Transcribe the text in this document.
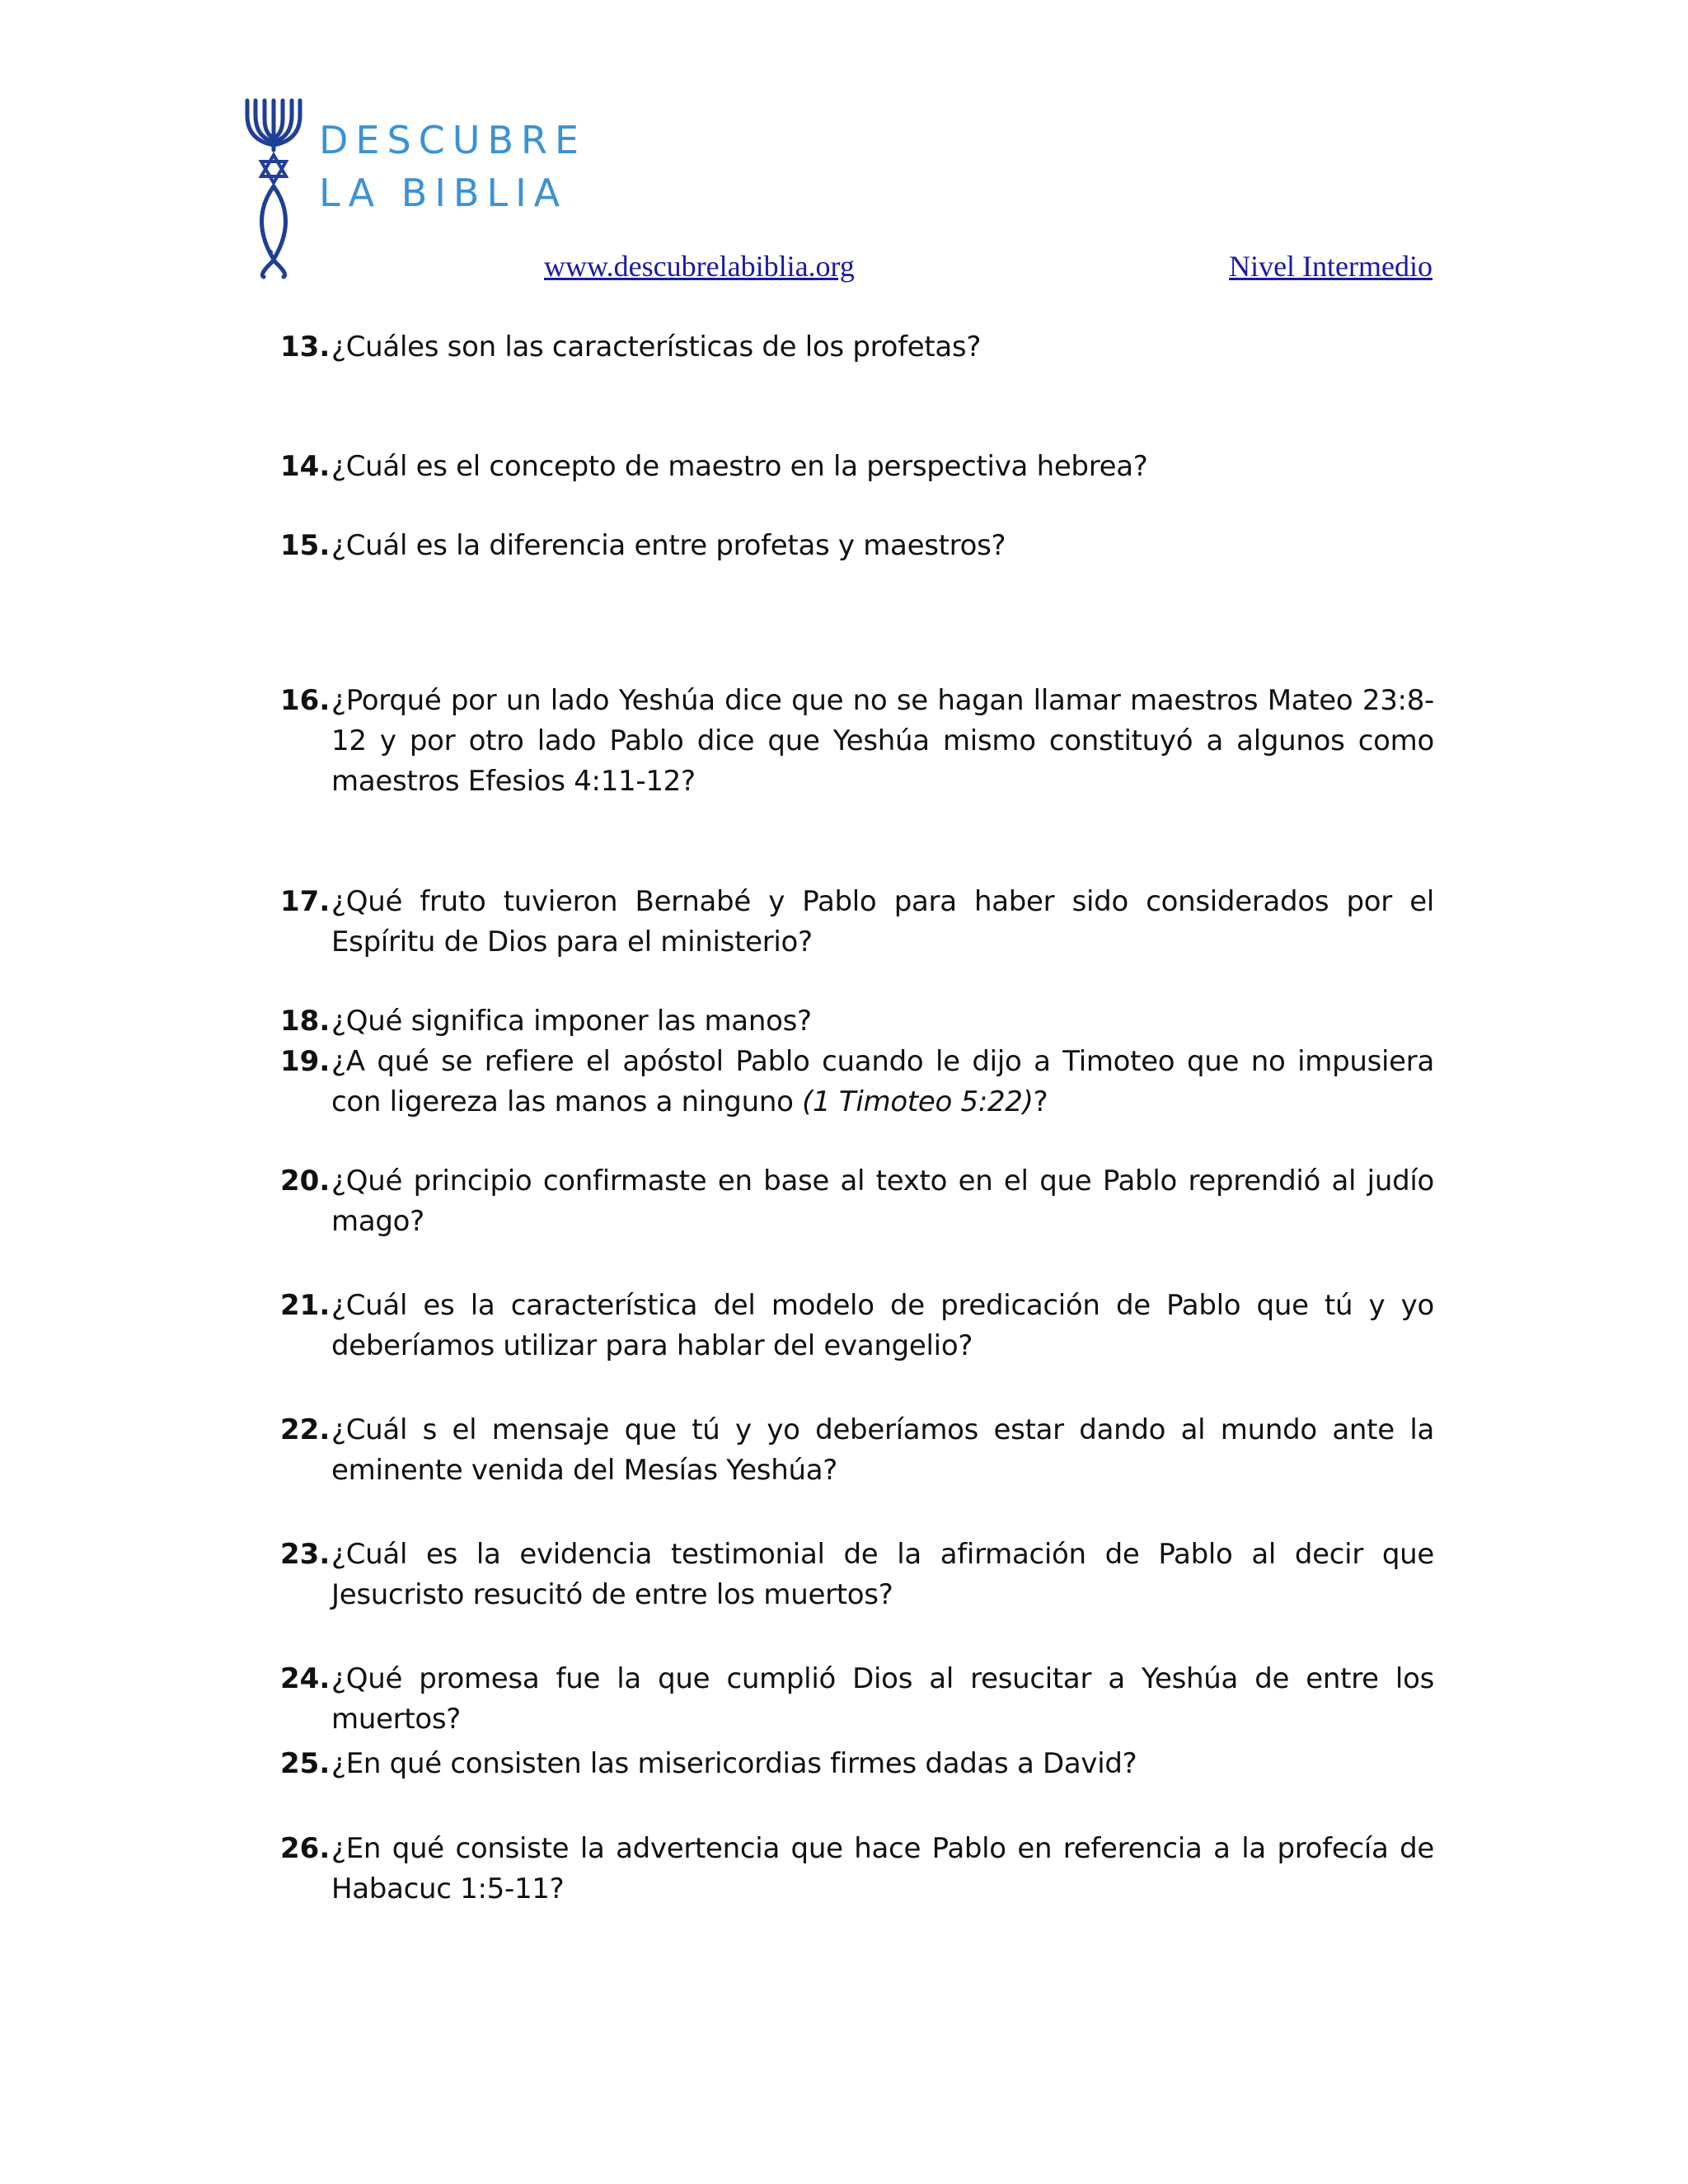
DESCUBRE
LA BIBLIA
www.descubrelabiblia.org	Nivel Intermedio
13. ¿Cuáles son las características de los profetas?
14. ¿Cuál es el concepto de maestro en la perspectiva hebrea?
15. ¿Cuál es la diferencia entre profetas y maestros?
16. ¿Porqué por un lado Yeshúa dice que no se hagan llamar maestros Mateo 23:8-12 y por otro lado Pablo dice que Yeshúa mismo constituyó a algunos como maestros Efesios 4:11-12?
17. ¿Qué fruto tuvieron Bernabé y Pablo para haber sido considerados por el Espíritu de Dios para el ministerio?
18. ¿Qué significa imponer las manos?
19. ¿A qué se refiere el apóstol Pablo cuando le dijo a Timoteo que no impusiera con ligereza las manos a ninguno (1 Timoteo 5:22)?
20. ¿Qué principio confirmaste en base al texto en el que Pablo reprendió al judío mago?
21. ¿Cuál es la característica del modelo de predicación de Pablo que tú y yo deberíamos utilizar para hablar del evangelio?
22. ¿Cuál s el mensaje que tú y yo deberíamos estar dando al mundo ante la eminente venida del Mesías Yeshúa?
23. ¿Cuál es la evidencia testimonial de la afirmación de Pablo al decir que Jesucristo resucitó de entre los muertos?
24. ¿Qué promesa fue la que cumplió Dios al resucitar a Yeshúa de entre los muertos?
25. ¿En qué consisten las misericordias firmes dadas a David?
26. ¿En qué consiste la advertencia que hace Pablo en referencia a la profecía de Habacuc 1:5-11?
